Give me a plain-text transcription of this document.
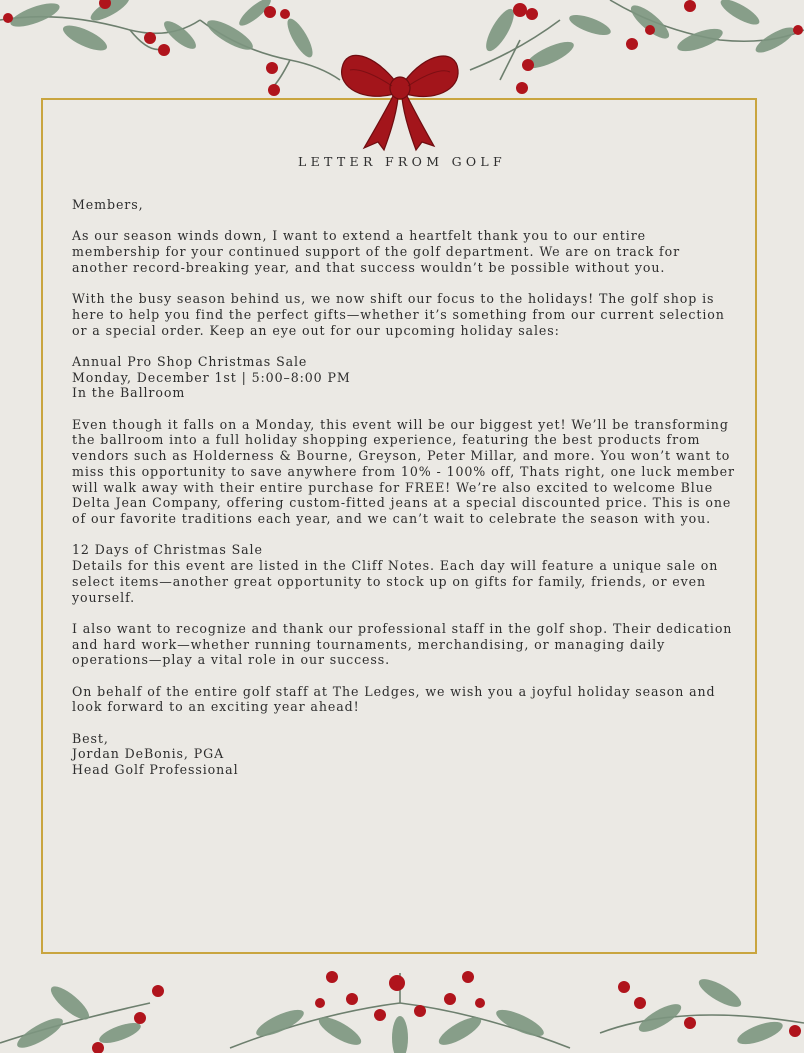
LETTER FROM GOLF

Members,

As our season winds down, I want to extend a heartfelt thank you to our entire membership for your continued support of the golf department. We are on track for another record-breaking year, and that success wouldn’t be possible without you.

With the busy season behind us, we now shift our focus to the holidays! The golf shop is here to help you find the perfect gifts—whether it’s something from our current selection or a special order. Keep an eye out for our upcoming holiday sales:

Annual Pro Shop Christmas Sale
Monday, December 1st | 5:00–8:00 PM
In the Ballroom

Even though it falls on a Monday, this event will be our biggest yet! We’ll be transforming the ballroom into a full holiday shopping experience, featuring the best products from vendors such as Holderness & Bourne, Greyson, Peter Millar, and more. You won’t want to miss this opportunity to save anywhere from 10% - 100% off, Thats right, one luck member will walk away with their entire purchase for FREE! We’re also excited to welcome Blue Delta Jean Company, offering custom-fitted jeans at a special discounted price. This is one of our favorite traditions each year, and we can’t wait to celebrate the season with you.

12 Days of Christmas Sale
Details for this event are listed in the Cliff Notes. Each day will feature a unique sale on select items—another great opportunity to stock up on gifts for family, friends, or even yourself.

I also want to recognize and thank our professional staff in the golf shop. Their dedication and hard work—whether running tournaments, merchandising, or managing daily operations—play a vital role in our success.

On behalf of the entire golf staff at The Ledges, we wish you a joyful holiday season and look forward to an exciting year ahead!

Best,
Jordan DeBonis, PGA
Head Golf Professional
